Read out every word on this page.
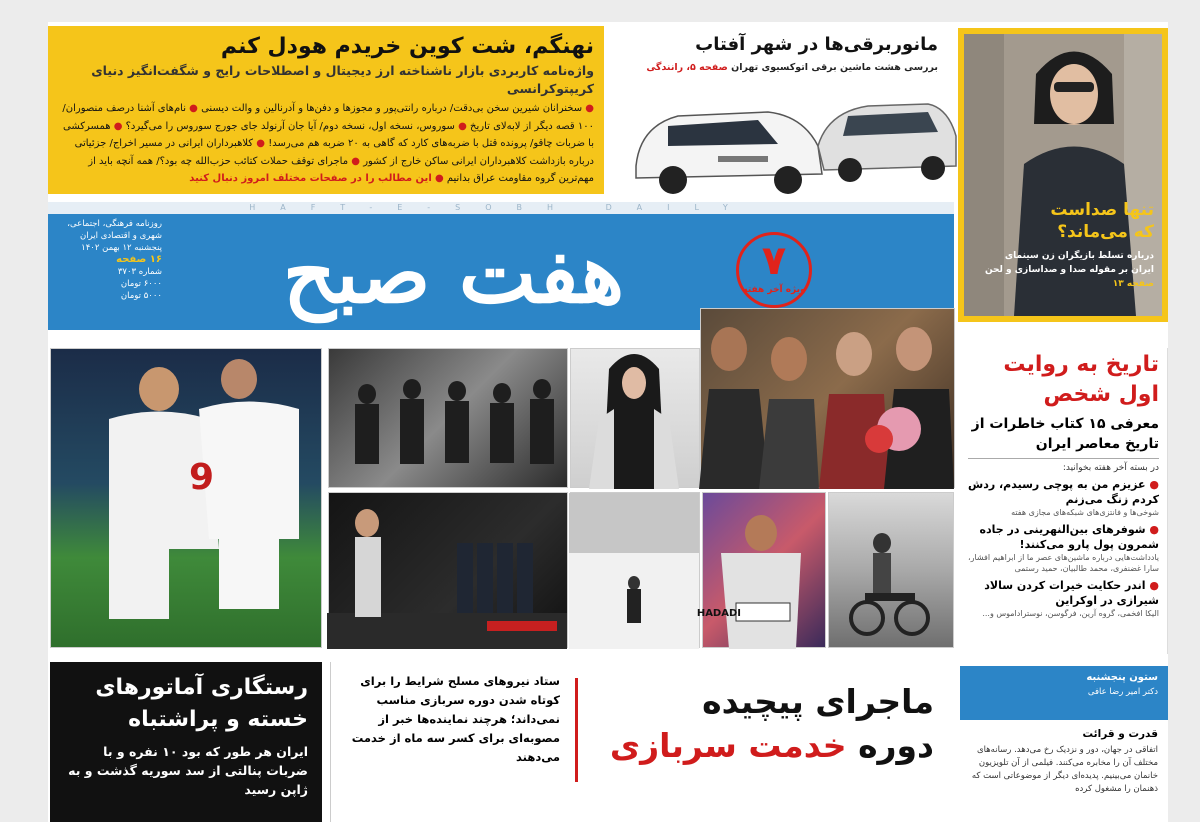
نهنگم، شت کوین خریدم هودل کنم
واژه‌نامه کاربردی بازار ناشناخته ارز دیجیتال و اصطلاحات رایج و شگفت‌انگیز دنیای کریپتوکرانسی
● سخنرانان شیرین سخن بی‌دقت/ درباره رانتی‌پور و مجوزها و دفن‌ها و آدرنالین و والت دیسنی ● نام‌های آشنا درصف منصوران/ ۱۰۰ قصه دیگر از لابه‌لای تاریخ ● سوروس، نسخه اول، نسخه دوم/ آیا جان آرنولد جای جورج سوروس را می‌گیرد؟ ● همسرکشی با ضربات چاقو/ پرونده قتل با ضربه‌های کارد که گاهی به ۲۰ ضربه هم می‌رسد! ● کلاهبرداران ایرانی در مسیر اخراج/ جزئیاتی درباره بازداشت کلاهبرداران ایرانی ساکن خارج از کشور ● ماجرای توقف حملات کتائب حزب‌الله چه بود؟/ همه آنچه باید از مهم‌ترین گروه مقاومت عراق بدانیم ● این مطالب را در صفحات مختلف امروز دنبال کنید
مانوربرقی‌ها در شهر آفتاب
بررسی هشت ماشین برقی اتوکسیوی تهران صفحه ۵، رانندگی
تنها صداست
که می‌ماند؟
درباره تسلط بازیگران زن سینمای ایران بر مقوله صدا و صداسازی و لحن صفحه ۱۳
HAFT-E-SOBH DAILY
هفت صبح	۷
ویژه آخر هفته
روزنامه فرهنگی، اجتماعی،
شهری و اقتصادی ایران
پنجشنبه ۱۲ بهمن ۱۴۰۲
۱۶ صفحه
شماره ۳۷۰۳
۶۰۰۰ تومان
۵۰۰۰ تومان
9
HADADI
تاریخ به روایت
اول شخص
معرفی ۱۵ کتاب خاطرات از تاریخ معاصر ایران
در بسته آخر هفته بخوانید:
● عزیزم من به پوچی رسیدم، ردش کردم زنگ می‌زنم
شوخی‌ها و فانتزی‌های شبکه‌های مجازی هفته
● شوفرهای بین‌النهرینی در جاده شمرون پول پارو می‌کنند!
یادداشت‌هایی درباره ماشین‌های عصر ما از ابراهیم افشار، سارا غضنفری، محمد طالبیان، حمید رستمی
● اندر حکایت خیرات کردن سالاد شیرازی در اوکراین
الیکا افخمی، گروه آرین، فرگوسن، نوستراداموس و...
رستگاری آماتورهای
خسته و پراشتباه
ایران هر طور که بود ۱۰ نفره و با ضربات پنالتی از سد سوریه گذشت و به ژاپن رسید
ستاد نیروهای مسلح شرایط را برای کوتاه شدن دوره سربازی مناسب نمی‌داند؛ هرچند نماینده‌ها خبر از مصوبه‌ای برای کسر سه ماه از خدمت می‌دهند
ماجرای پیچیده
دوره خدمت سربازی
ستون پنجشنبه
دکتر امیر رضا عافی
قدرت و قرائت
اتفاقی در جهان، دور و نزدیک رخ می‌دهد. رسانه‌های مختلف آن را مخابره می‌کنند. فیلمی از آن تلویزیون خانمان می‌بینیم. پدیده‌ای دیگر از موضوعاتی است که ذهنمان را مشغول کرده
